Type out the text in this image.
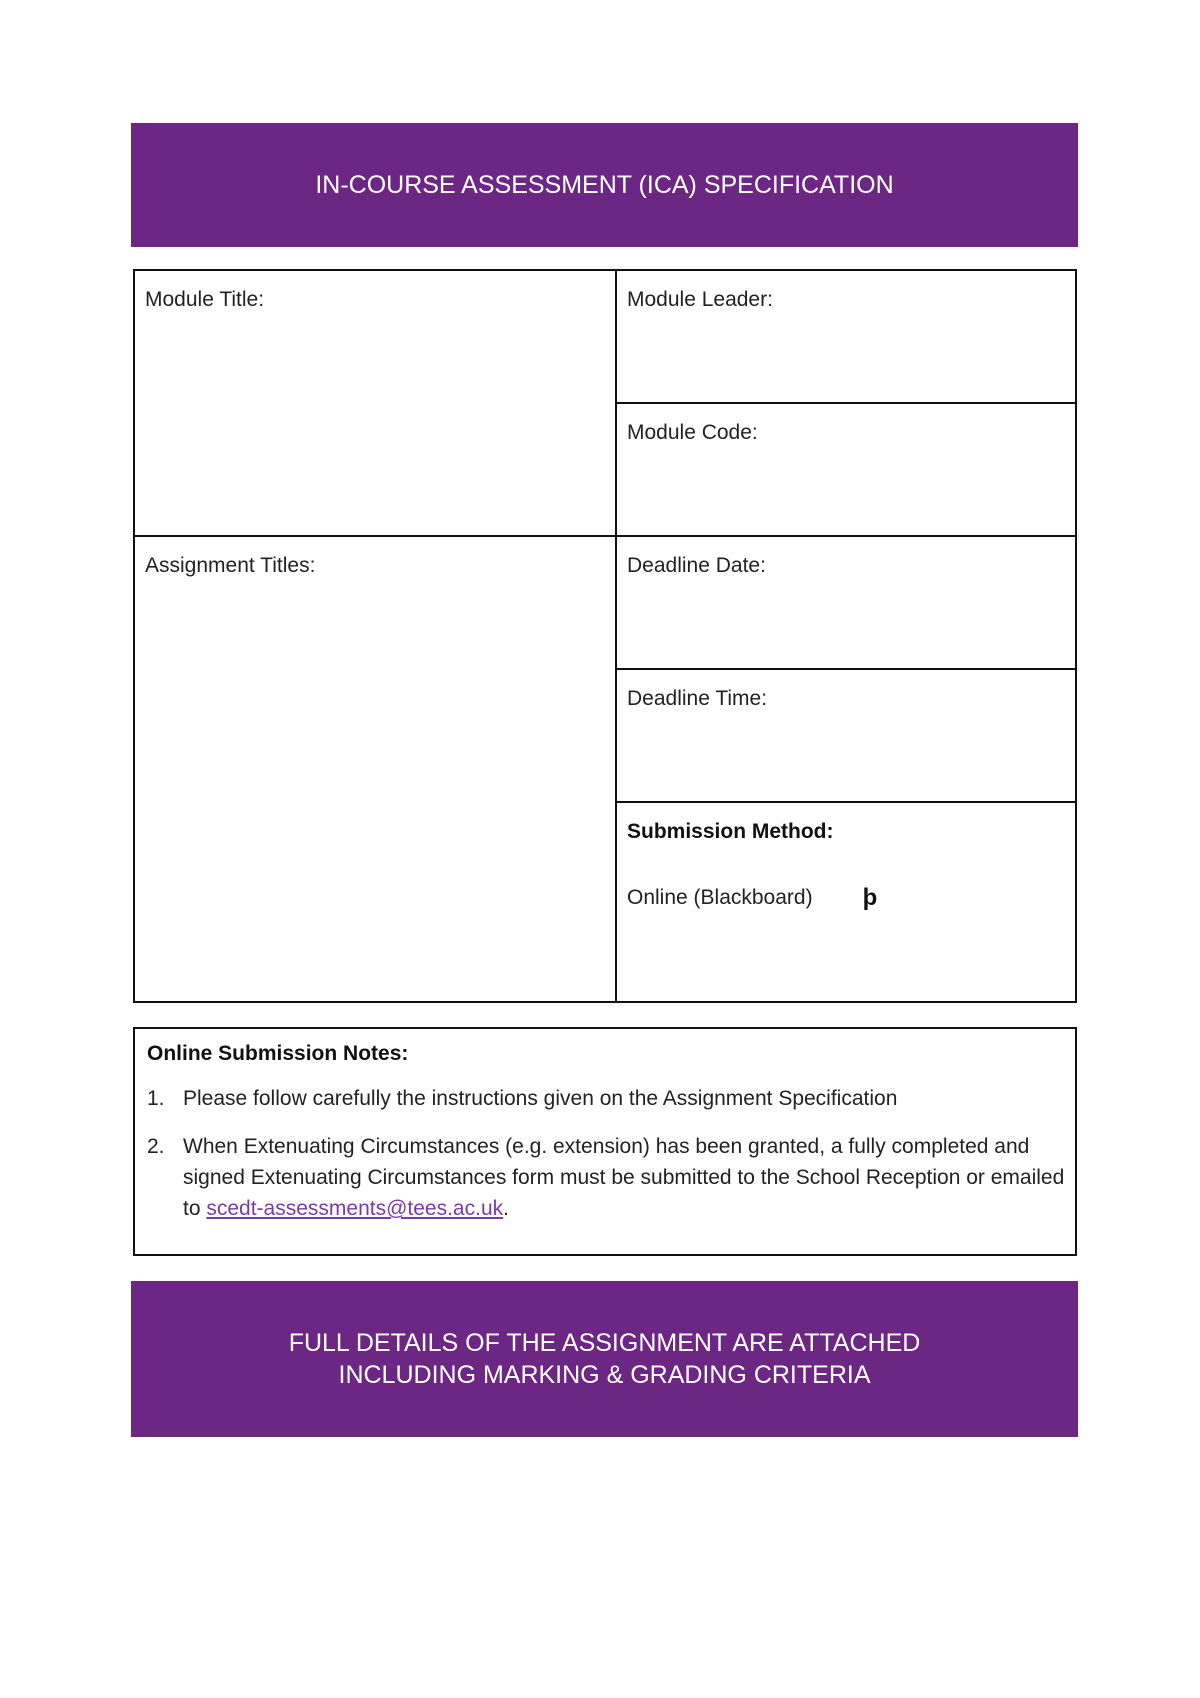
IN-COURSE ASSESSMENT (ICA) SPECIFICATION
Module Title:	Module Leader:
Module Code:
Assignment Titles:	Deadline Date:
Deadline Time:
Submission Method:
Online (Blackboard) þ
Online Submission Notes:
1. Please follow carefully the instructions given on the Assignment Specification
2. When Extenuating Circumstances (e.g. extension) has been granted, a fully completed and signed Extenuating Circumstances form must be submitted to the School Reception or emailed to scedt-assessments@tees.ac.uk.
FULL DETAILS OF THE ASSIGNMENT ARE ATTACHED
INCLUDING MARKING & GRADING CRITERIA
